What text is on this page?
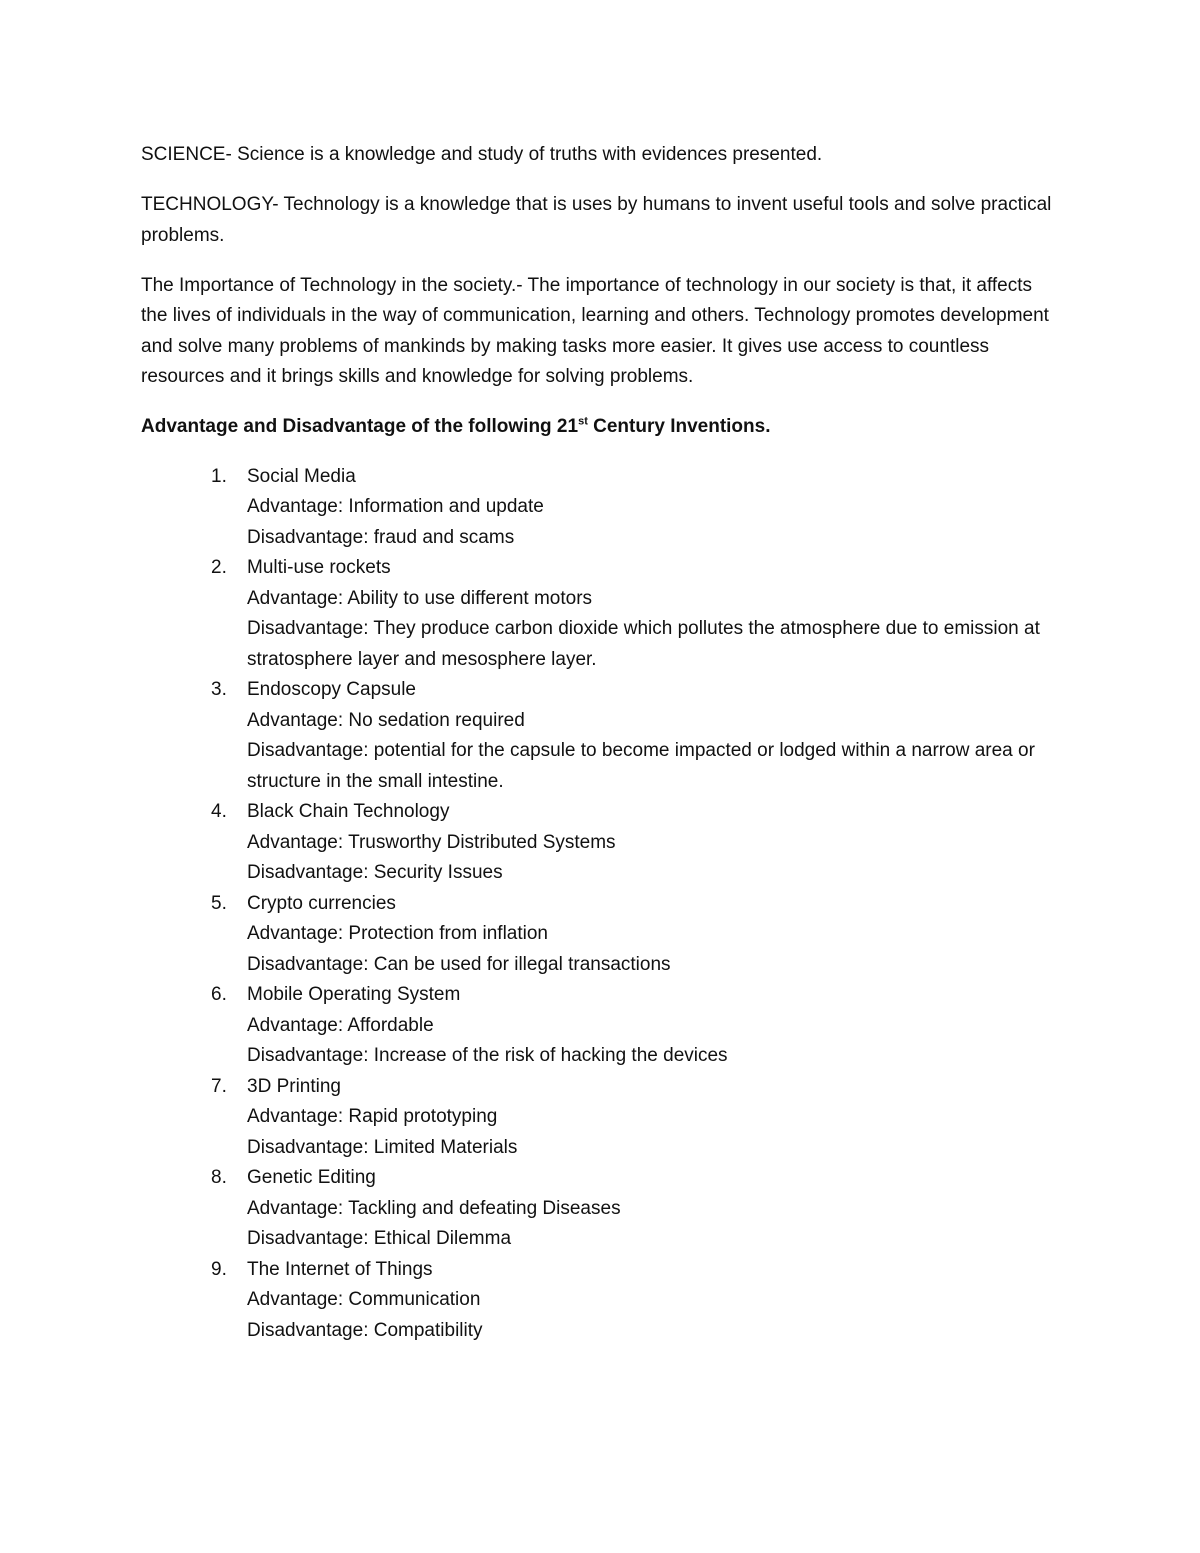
SCIENCE- Science is a knowledge and study of truths with evidences presented.

TECHNOLOGY- Technology is a knowledge that is uses by humans to invent useful tools and solve practical problems.

The Importance of Technology in the society.- The importance of technology in our society is that, it affects the lives of individuals in the way of communication, learning and others. Technology promotes development and solve many problems of mankinds by making tasks more easier. It gives use access to countless resources and it brings skills and knowledge for solving problems.

Advantage and Disadvantage of the following 21st Century Inventions.

1.	Social Media
Advantage: Information and update
Disadvantage: fraud and scams
2.	Multi-use rockets
Advantage: Ability to use different motors
Disadvantage: They produce carbon dioxide which pollutes the atmosphere due to emission at stratosphere layer and mesosphere layer.
3.	Endoscopy Capsule
Advantage: No sedation required
Disadvantage: potential for the capsule to become impacted or lodged within a narrow area or structure in the small intestine.
4.	Black Chain Technology
Advantage: Trusworthy Distributed Systems
Disadvantage: Security Issues
5.	Crypto currencies
Advantage: Protection from inflation
Disadvantage: Can be used for illegal transactions
6.	Mobile Operating System
Advantage: Affordable
Disadvantage: Increase of the risk of hacking the devices
7.	3D Printing
Advantage: Rapid prototyping
Disadvantage: Limited Materials
8.	Genetic Editing
Advantage: Tackling and defeating Diseases
Disadvantage: Ethical Dilemma
9.	The Internet of Things
Advantage: Communication
Disadvantage: Compatibility
